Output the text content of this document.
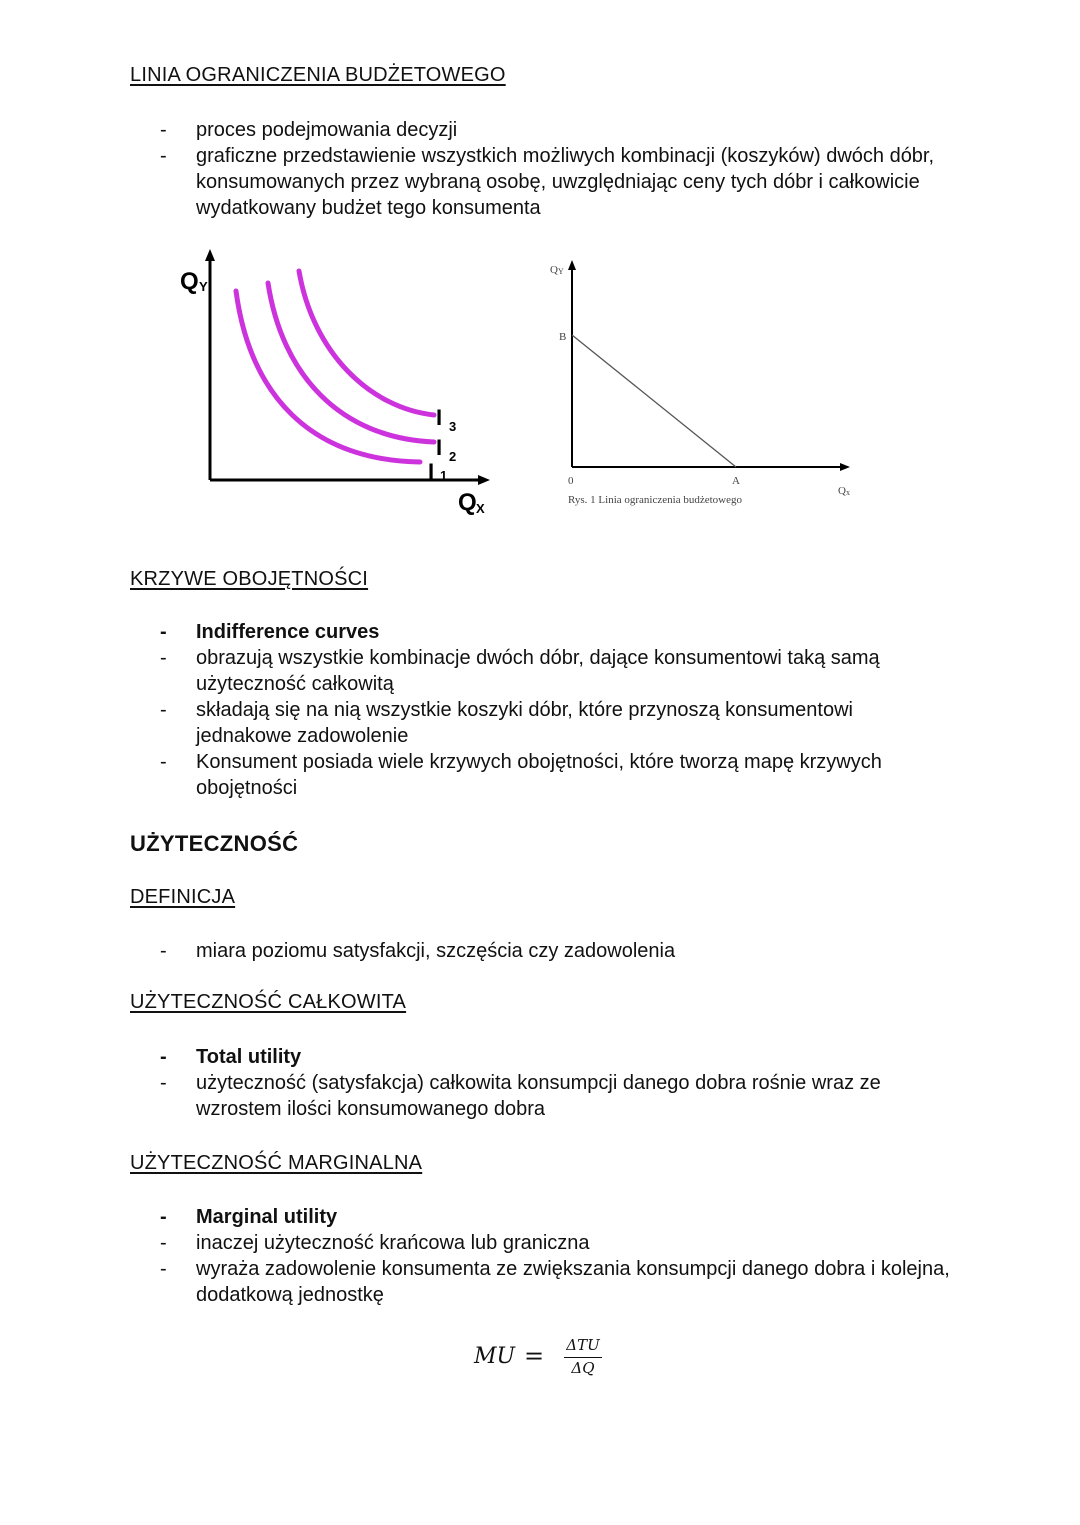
LINIA OGRANICZENIA BUDŻETOWEGO
-	proces podejmowania decyzji
-	graficzne przedstawienie wszystkich możliwych kombinacji (koszyków) dwóch dóbr, konsumowanych przez wybraną osobę, uwzględniając ceny tych dóbr i całkowicie wydatkowany budżet tego konsumenta
Q Y
Q X
I 3
I 2
I 1
Q Y
B
0	A
Q x
Rys. 1 Linia ograniczenia budżetowego
KRZYWE OBOJĘTNOŚCI
-	Indifference curves
-	obrazują wszystkie kombinacje dwóch dóbr, dające konsumentowi taką samą użyteczność całkowitą
-	składają się na nią wszystkie koszyki dóbr, które przynoszą konsumentowi jednakowe zadowolenie
-	Konsument posiada wiele krzywych obojętności, które tworzą mapę krzywych obojętności
UŻYTECZNOŚĆ
DEFINICJA
-	miara poziomu satysfakcji, szczęścia czy zadowolenia
UŻYTECZNOŚĆ CAŁKOWITA
-	Total utility
-	użyteczność (satysfakcja) całkowita konsumpcji danego dobra rośnie wraz ze wzrostem ilości konsumowanego dobra
UŻYTECZNOŚĆ MARGINALNA
-	Marginal utility
-	inaczej użyteczność krańcowa lub graniczna
-	wyraża zadowolenie konsumenta ze zwiększania konsumpcji danego dobra i kolejna, dodatkową jednostkę
MU = ΔTU
ΔQ
